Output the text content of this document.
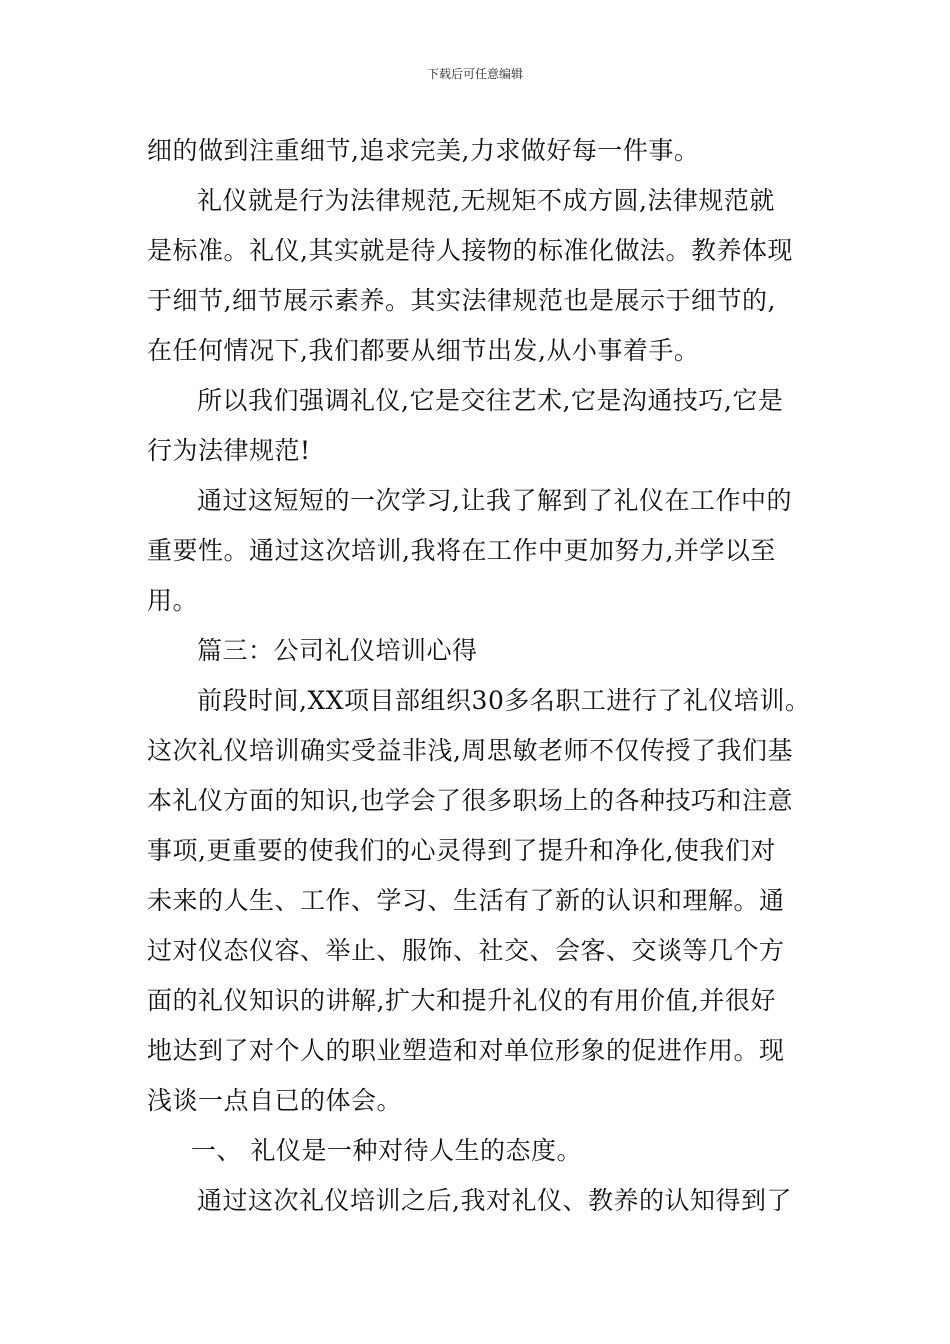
下载后可任意编辑
细的做到注重细节,追求完美,力求做好每一件事。
礼仪就是行为法律规范,无规矩不成方圆,法律规范就
是标准。礼仪,其实就是待人接物的标准化做法。教养体现
于细节,细节展示素养。其实法律规范也是展示于细节的,
在任何情况下,我们都要从细节出发,从小事着手。
所以我们强调礼仪,它是交往艺术,它是沟通技巧,它是
行为法律规范!
通过这短短的一次学习,让我了解到了礼仪在工作中的
重要性。通过这次培训,我将在工作中更加努力,并学以至
用。
篇三：公司礼仪培训心得
前段时间,XX项目部组织30多名职工进行了礼仪培训。
这次礼仪培训确实受益非浅,周思敏老师不仅传授了我们基
本礼仪方面的知识,也学会了很多职场上的各种技巧和注意
事项,更重要的使我们的心灵得到了提升和净化,使我们对
未来的人生、工作、学习、生活有了新的认识和理解。通
过对仪态仪容、举止、服饰、社交、会客、交谈等几个方
面的礼仪知识的讲解,扩大和提升礼仪的有用价值,并很好
地达到了对个人的职业塑造和对单位形象的促进作用。现
浅谈一点自已的体会。
一、 礼仪是一种对待人生的态度。
通过这次礼仪培训之后,我对礼仪、教养的认知得到了
